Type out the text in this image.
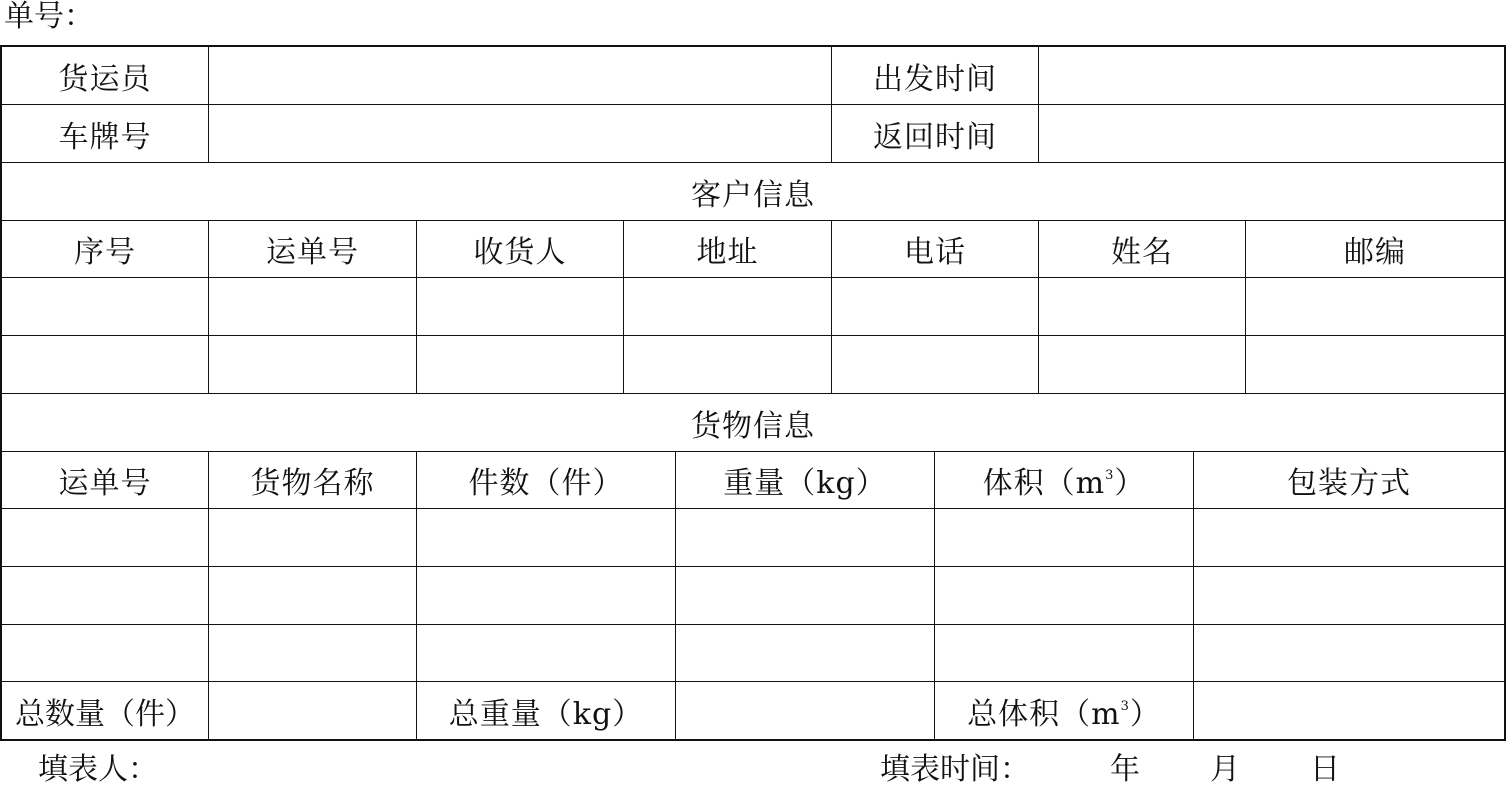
单号：
货运员	出发时间
车牌号	返回时间
客户信息
序号	运单号	收货人	地址	电话	姓名	邮编
货物信息
运单号	货物名称	件数（件）	重量（kg）	体积（$m^3$ ）	包装方式
总数量（件）	总重量（kg）	总体积（$m^3$ ）
填表人：	填表时间：	年 月 日
